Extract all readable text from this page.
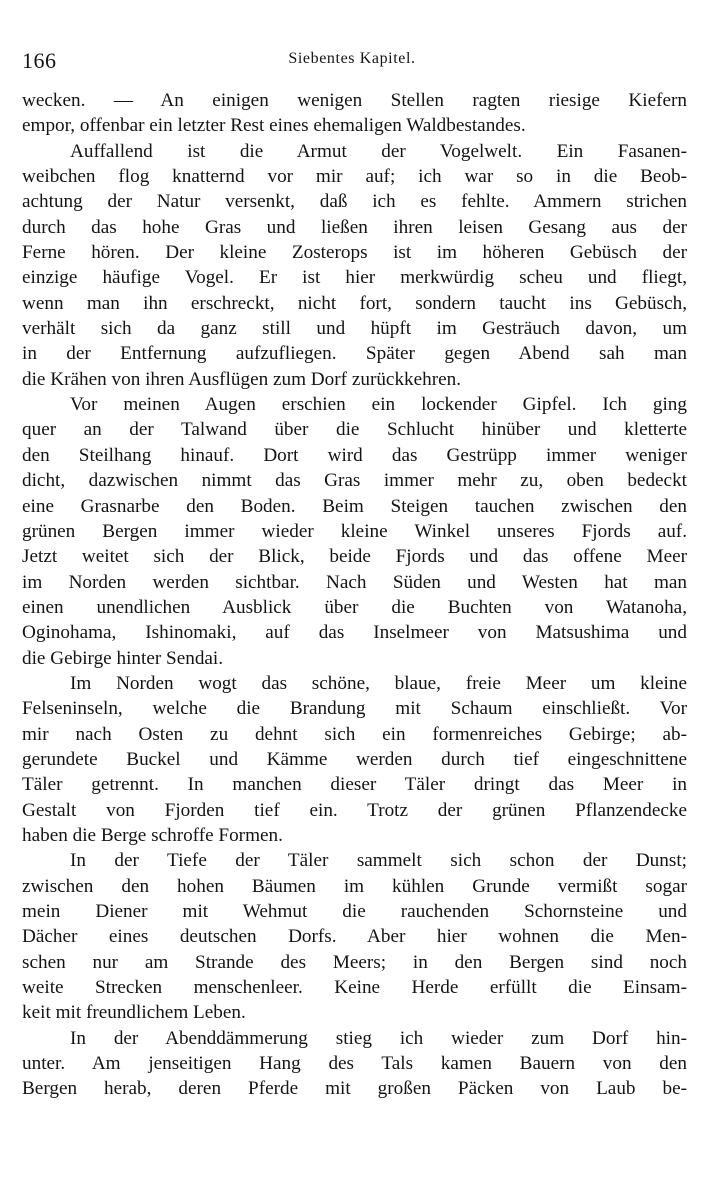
166	Siebentes Kapitel.
wecken. — An einigen wenigen Stellen ragten riesige Kiefern
empor, offenbar ein letzter Rest eines ehemaligen Waldbestandes.
Auffallend ist die Armut der Vogelwelt. Ein Fasanen-
weibchen flog knatternd vor mir auf; ich war so in die Beob-
achtung der Natur versenkt, daß ich es fehlte. Ammern strichen
durch das hohe Gras und ließen ihren leisen Gesang aus der
Ferne hören. Der kleine Zosterops ist im höheren Gebüsch der
einzige häufige Vogel. Er ist hier merkwürdig scheu und fliegt,
wenn man ihn erschreckt, nicht fort, sondern taucht ins Gebüsch,
verhält sich da ganz still und hüpft im Gesträuch davon, um
in der Entfernung aufzufliegen. Später gegen Abend sah man
die Krähen von ihren Ausflügen zum Dorf zurückkehren.
Vor meinen Augen erschien ein lockender Gipfel. Ich ging
quer an der Talwand über die Schlucht hinüber und kletterte
den Steilhang hinauf. Dort wird das Gestrüpp immer weniger
dicht, dazwischen nimmt das Gras immer mehr zu, oben bedeckt
eine Grasnarbe den Boden. Beim Steigen tauchen zwischen den
grünen Bergen immer wieder kleine Winkel unseres Fjords auf.
Jetzt weitet sich der Blick, beide Fjords und das offene Meer
im Norden werden sichtbar. Nach Süden und Westen hat man
einen unendlichen Ausblick über die Buchten von Watanoha,
Oginohama, Ishinomaki, auf das Inselmeer von Matsushima und
die Gebirge hinter Sendai.
Im Norden wogt das schöne, blaue, freie Meer um kleine
Felseninseln, welche die Brandung mit Schaum einschließt. Vor
mir nach Osten zu dehnt sich ein formenreiches Gebirge; ab-
gerundete Buckel und Kämme werden durch tief eingeschnittene
Täler getrennt. In manchen dieser Täler dringt das Meer in
Gestalt von Fjorden tief ein. Trotz der grünen Pflanzendecke
haben die Berge schroffe Formen.
In der Tiefe der Täler sammelt sich schon der Dunst;
zwischen den hohen Bäumen im kühlen Grunde vermißt sogar
mein Diener mit Wehmut die rauchenden Schornsteine und
Dächer eines deutschen Dorfs. Aber hier wohnen die Men-
schen nur am Strande des Meers; in den Bergen sind noch
weite Strecken menschenleer. Keine Herde erfüllt die Einsam-
keit mit freundlichem Leben.
In der Abenddämmerung stieg ich wieder zum Dorf hin-
unter. Am jenseitigen Hang des Tals kamen Bauern von den
Bergen herab, deren Pferde mit großen Päcken von Laub be-
